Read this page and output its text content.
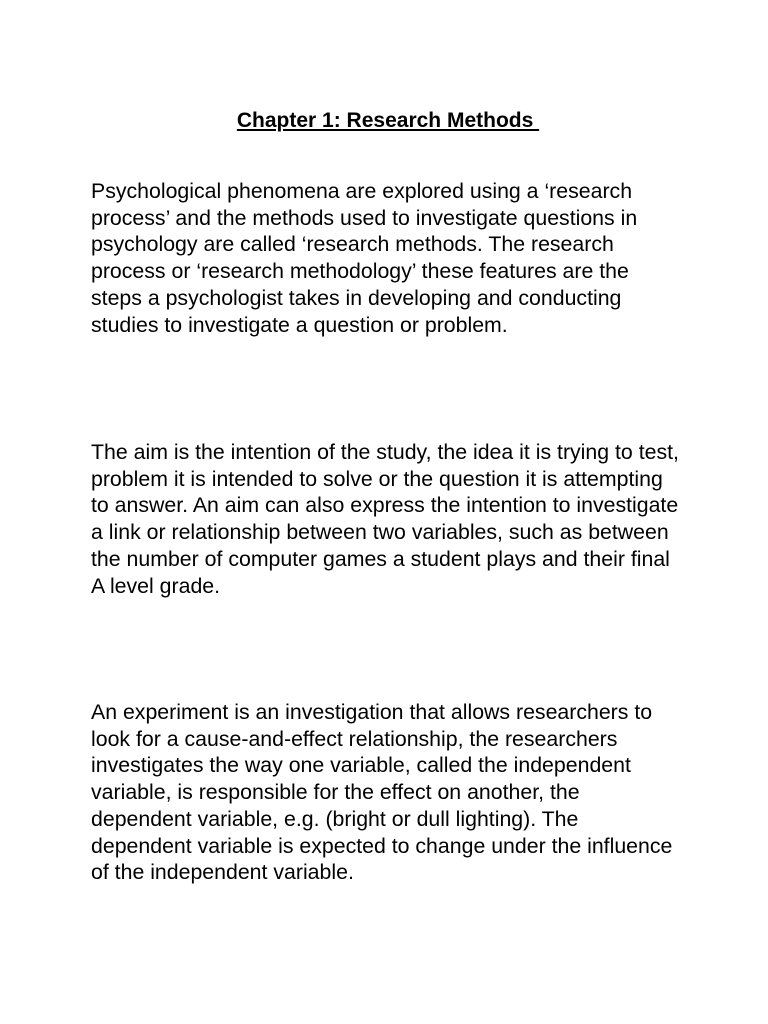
Chapter 1: Research Methods

Psychological phenomena are explored using a ‘research process’ and the methods used to investigate questions in psychology are called ‘research methods. The research process or ‘research methodology’ these features are the steps a psychologist takes in developing and conducting studies to investigate a question or problem.

The aim is the intention of the study, the idea it is trying to test, problem it is intended to solve or the question it is attempting to answer. An aim can also express the intention to investigate a link or relationship between two variables, such as between the number of computer games a student plays and their final A level grade.

An experiment is an investigation that allows researchers to look for a cause-and-effect relationship, the researchers investigates the way one variable, called the independent variable, is responsible for the effect on another, the dependent variable, e.g. (bright or dull lighting). The dependent variable is expected to change under the influence of the independent variable.
